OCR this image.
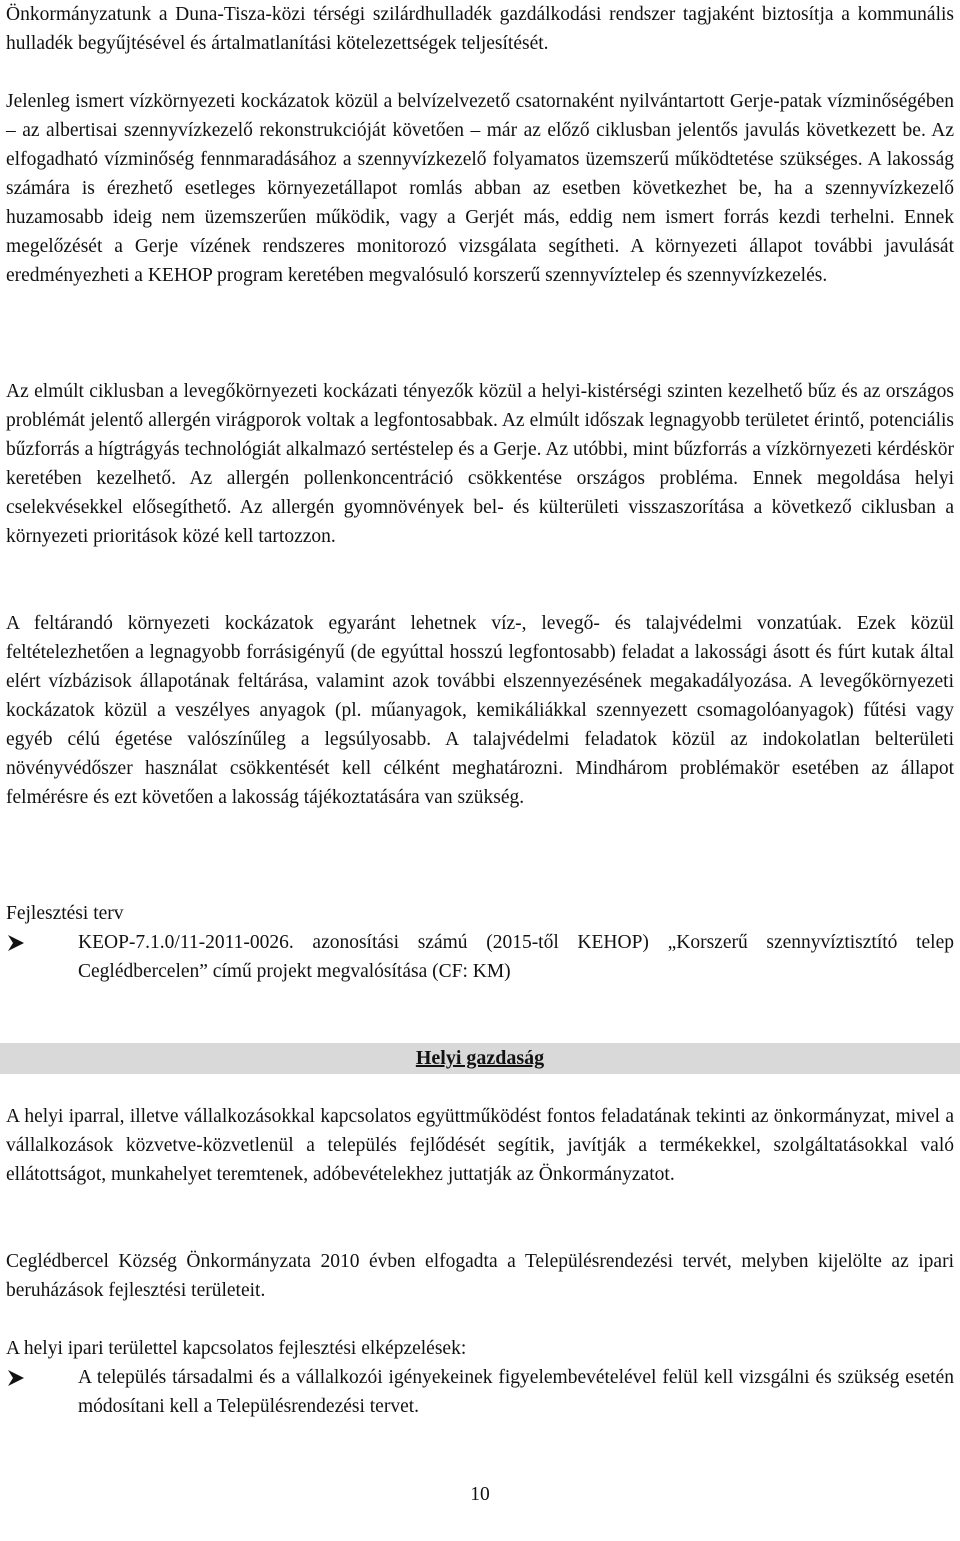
Önkormányzatunk a Duna-Tisza-közi térségi szilárdhulladék gazdálkodási rendszer tagjaként biztosítja a kommunális hulladék begyűjtésével és ártalmatlanítási kötelezettségek teljesítését.

Jelenleg ismert vízkörnyezeti kockázatok közül a belvízelvezető csatornaként nyilvántartott Gerje-patak vízminőségében – az albertisai szennyvízkezelő rekonstrukcióját követően – már az előző ciklusban jelentős javulás következett be. Az elfogadható vízminőség fennmaradásához a szennyvízkezelő folyamatos üzemszerű működtetése szükséges. A lakosság számára is érezhető esetleges környezetállapot romlás abban az esetben következhet be, ha a szennyvízkezelő huzamosabb ideig nem üzemszerűen működik, vagy a Gerjét más, eddig nem ismert forrás kezdi terhelni. Ennek megelőzését a Gerje vízének rendszeres monitorozó vizsgálata segítheti. A környezeti állapot további javulását eredményezheti a KEHOP program keretében megvalósuló korszerű szennyvíztelep és szennyvízkezelés.

Az elmúlt ciklusban a levegőkörnyezeti kockázati tényezők közül a helyi-kistérségi szinten kezelhető bűz és az országos problémát jelentő allergén virágporok voltak a legfontosabbak. Az elmúlt időszak legnagyobb területet érintő, potenciális bűzforrás a hígtrágyás technológiát alkalmazó sertéstelep és a Gerje. Az utóbbi, mint bűzforrás a vízkörnyezeti kérdéskör keretében kezelhető. Az allergén pollenkoncentráció csökkentése országos probléma. Ennek megoldása helyi cselekvésekkel elősegíthető. Az allergén gyomnövények bel- és külterületi visszaszorítása a következő ciklusban a környezeti prioritások közé kell tartozzon.

A feltárandó környezeti kockázatok egyaránt lehetnek víz-, levegő- és talajvédelmi vonzatúak. Ezek közül feltételezhetően a legnagyobb forrásigényű (de egyúttal hosszú legfontosabb) feladat a lakossági ásott és fúrt kutak által elért vízbázisok állapotának feltárása, valamint azok további elszennyezésének megakadályozása. A levegőkörnyezeti kockázatok közül a veszélyes anyagok (pl. műanyagok, kemikáliákkal szennyezett csomagolóanyagok) fűtési vagy egyéb célú égetése valószínűleg a legsúlyosabb. A talajvédelmi feladatok közül az indokolatlan belterületi növényvédőszer használat csökkentését kell célként meghatározni. Mindhárom problémakör esetében az állapot felmérésre és ezt követően a lakosság tájékoztatására van szükség.

Fejlesztési terv

KEOP-7.1.0/11-2011-0026. azonosítási számú (2015-től KEHOP) „Korszerű szennyvíztisztító telep Ceglédbercelen” című projekt megvalósítása (CF: KM)

Helyi gazdaság

A helyi iparral, illetve vállalkozásokkal kapcsolatos együttműködést fontos feladatának tekinti az önkormányzat, mivel a vállalkozások közvetve-közvetlenül a település fejlődését segítik, javítják a termékekkel, szolgáltatásokkal való ellátottságot, munkahelyet teremtenek, adóbevételekhez juttatják az Önkormányzatot.

Ceglédbercel Község Önkormányzata 2010 évben elfogadta a Településrendezési tervét, melyben kijelölte az ipari beruházások fejlesztési területeit.

A helyi ipari területtel kapcsolatos fejlesztési elképzelések:

A település társadalmi és a vállalkozói igényekeinek figyelembevételével felül kell vizsgálni és szükség esetén módosítani kell a Településrendezési tervet.

10
